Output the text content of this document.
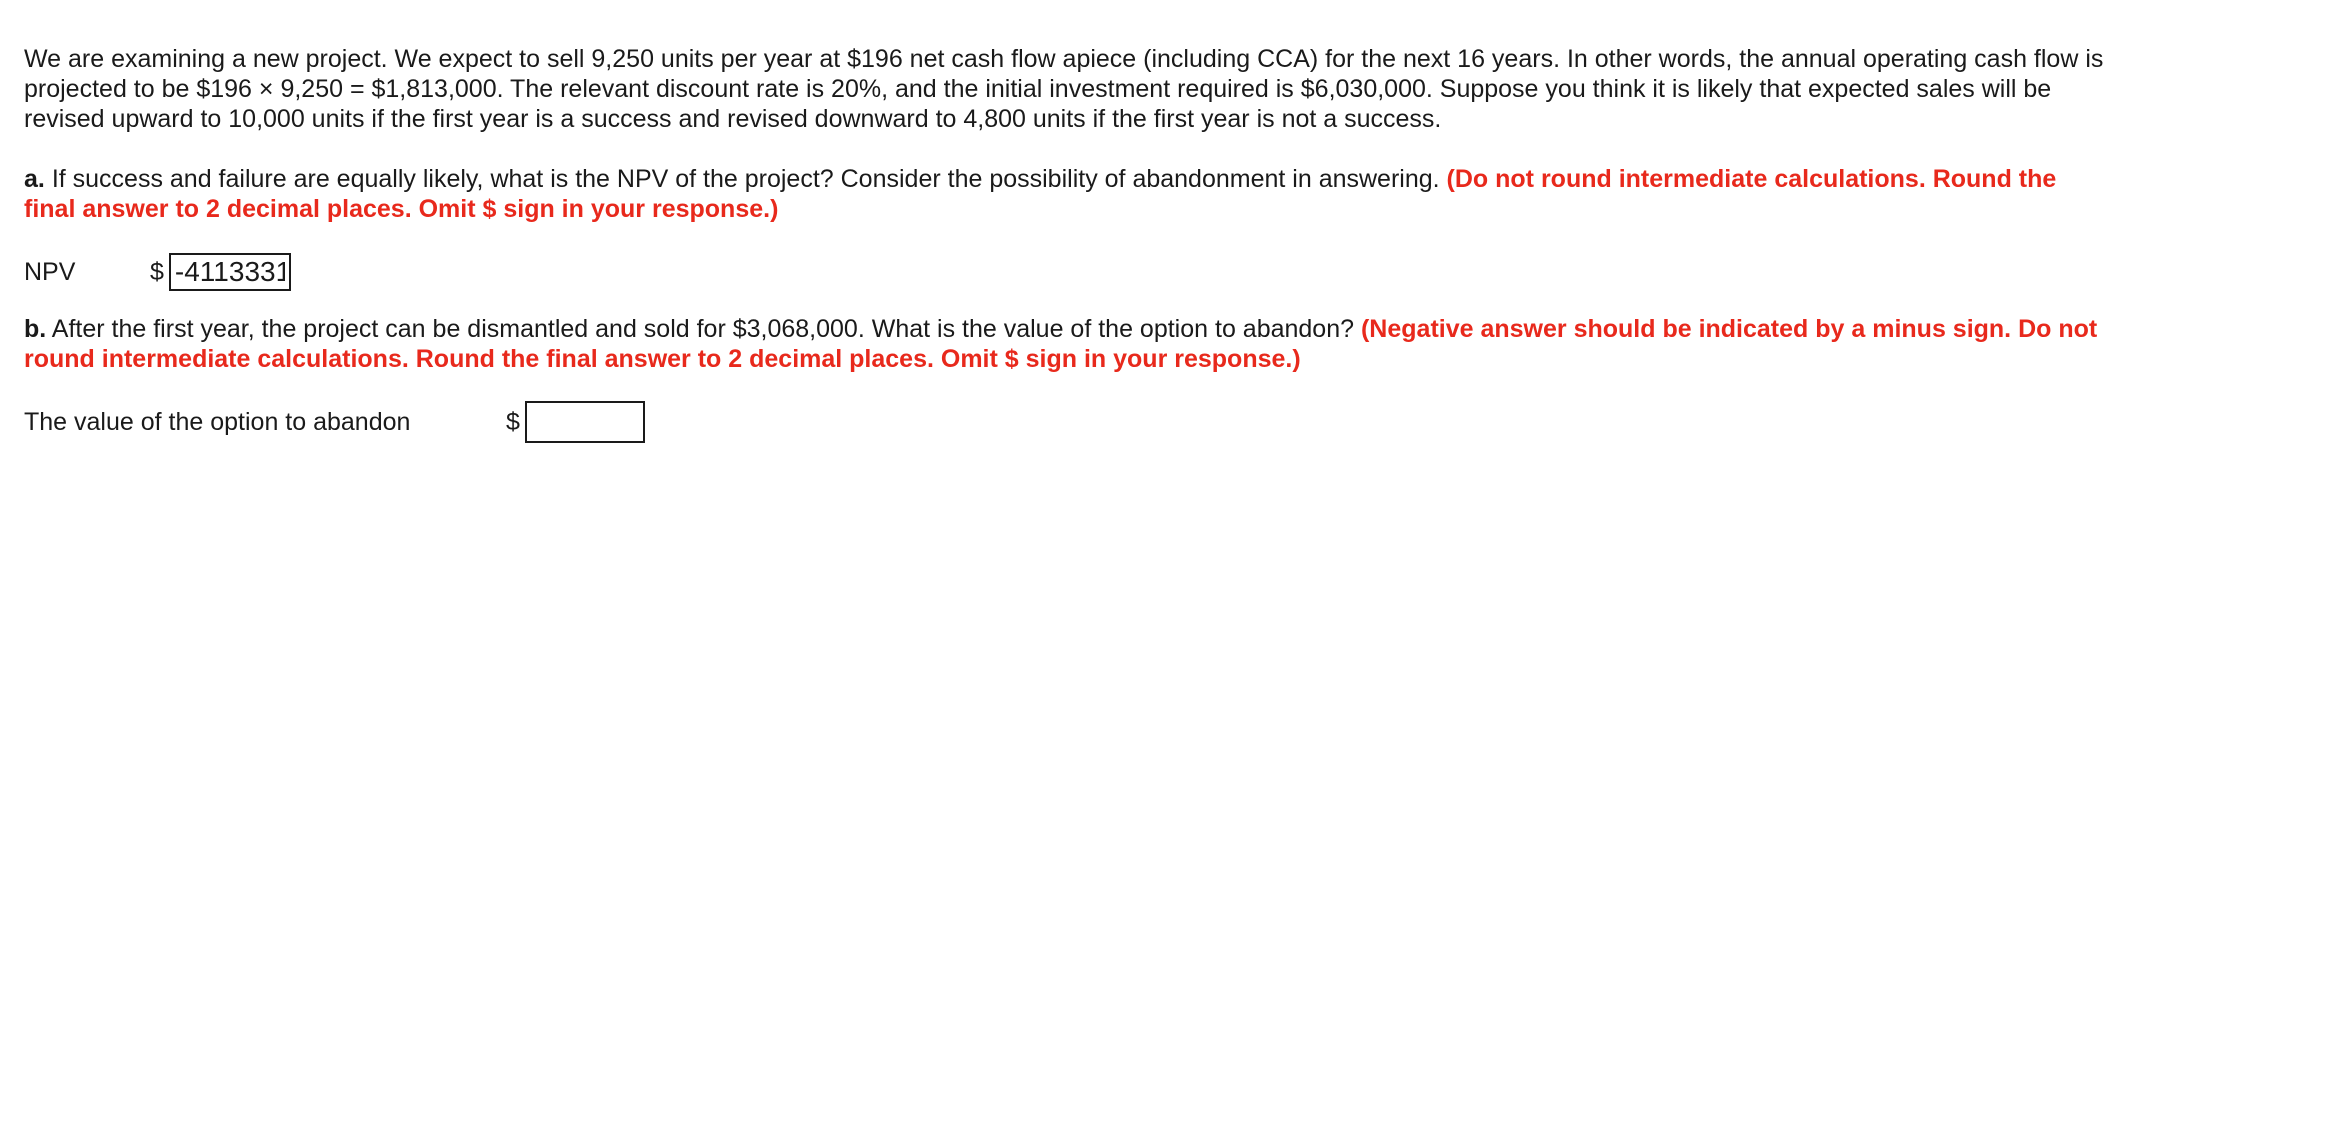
We are examining a new project. We expect to sell 9,250 units per year at $196 net cash flow apiece (including CCA) for the next 16 years. In other words, the annual operating cash flow is projected to be $196 × 9,250 = $1,813,000. The relevant discount rate is 20%, and the initial investment required is $6,030,000. Suppose you think it is likely that expected sales will be revised upward to 10,000 units if the first year is a success and revised downward to 4,800 units if the first year is not a success.

a. If success and failure are equally likely, what is the NPV of the project? Consider the possibility of abandonment in answering. (Do not round intermediate calculations. Round the final answer to 2 decimal places. Omit $ sign in your response.)

NPV	$
-4113331.

b. After the first year, the project can be dismantled and sold for $3,068,000. What is the value of the option to abandon? (Negative answer should be indicated by a minus sign. Do not round intermediate calculations. Round the final answer to 2 decimal places. Omit $ sign in your response.)

The value of the option to abandon	$
